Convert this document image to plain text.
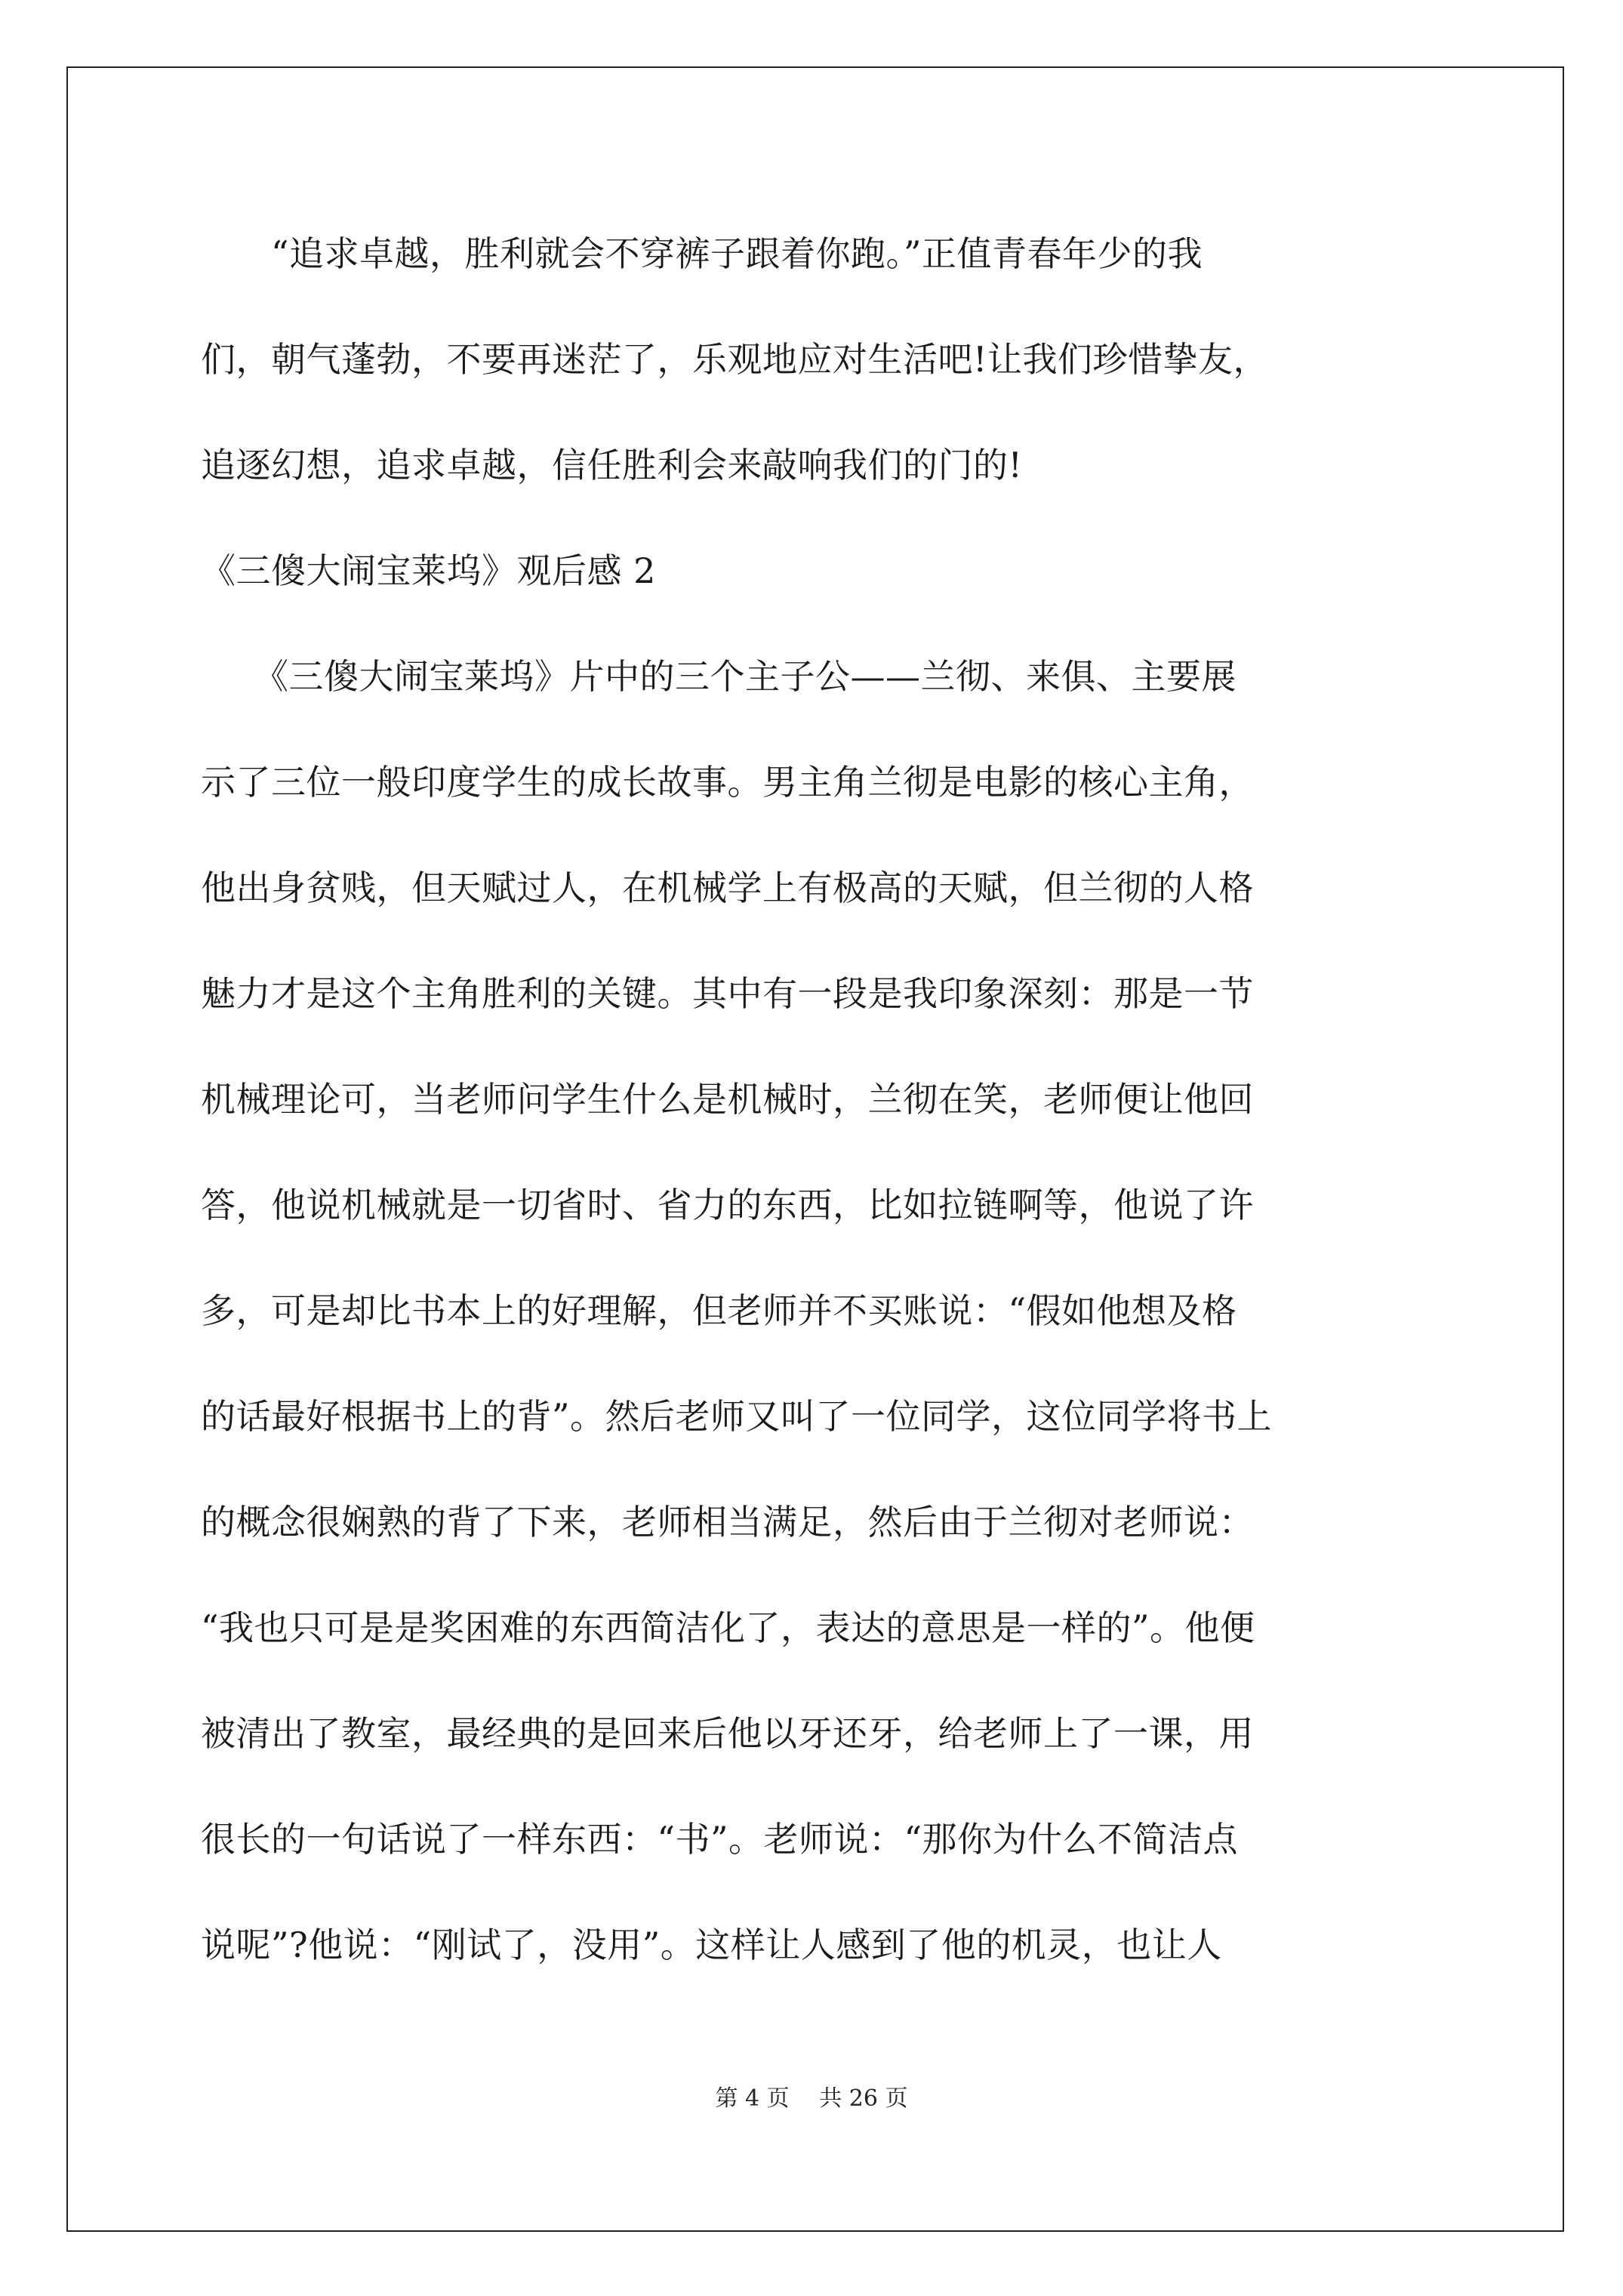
　　“追求卓越，胜利就会不穿裤子跟着你跑。”正值青春年少的我
们，朝气蓬勃，不要再迷茫了，乐观地应对生活吧!让我们珍惜挚友，
追逐幻想，追求卓越，信任胜利会来敲响我们的门的!
《三傻大闹宝莱坞》观后感 2
　　《三傻大闹宝莱坞》片中的三个主子公——兰彻、来俱、主要展
示了三位一般印度学生的成长故事。男主角兰彻是电影的核心主角，
他出身贫贱，但天赋过人，在机械学上有极高的天赋，但兰彻的人格
魅力才是这个主角胜利的关键。其中有一段是我印象深刻：那是一节
机械理论可，当老师问学生什么是机械时，兰彻在笑，老师便让他回
答，他说机械就是一切省时、省力的东西，比如拉链啊等，他说了许
多，可是却比书本上的好理解，但老师并不买账说：“假如他想及格
的话最好根据书上的背”。然后老师又叫了一位同学，这位同学将书上
的概念很娴熟的背了下来，老师相当满足，然后由于兰彻对老师说：
“我也只可是是奖困难的东西简洁化了，表达的意思是一样的”。他便
被清出了教室，最经典的是回来后他以牙还牙，给老师上了一课，用
很长的一句话说了一样东西：“书”。老师说：“那你为什么不简洁点
说呢”?他说：“刚试了，没用”。这样让人感到了他的机灵，也让人
第 4 页　 共 26 页
